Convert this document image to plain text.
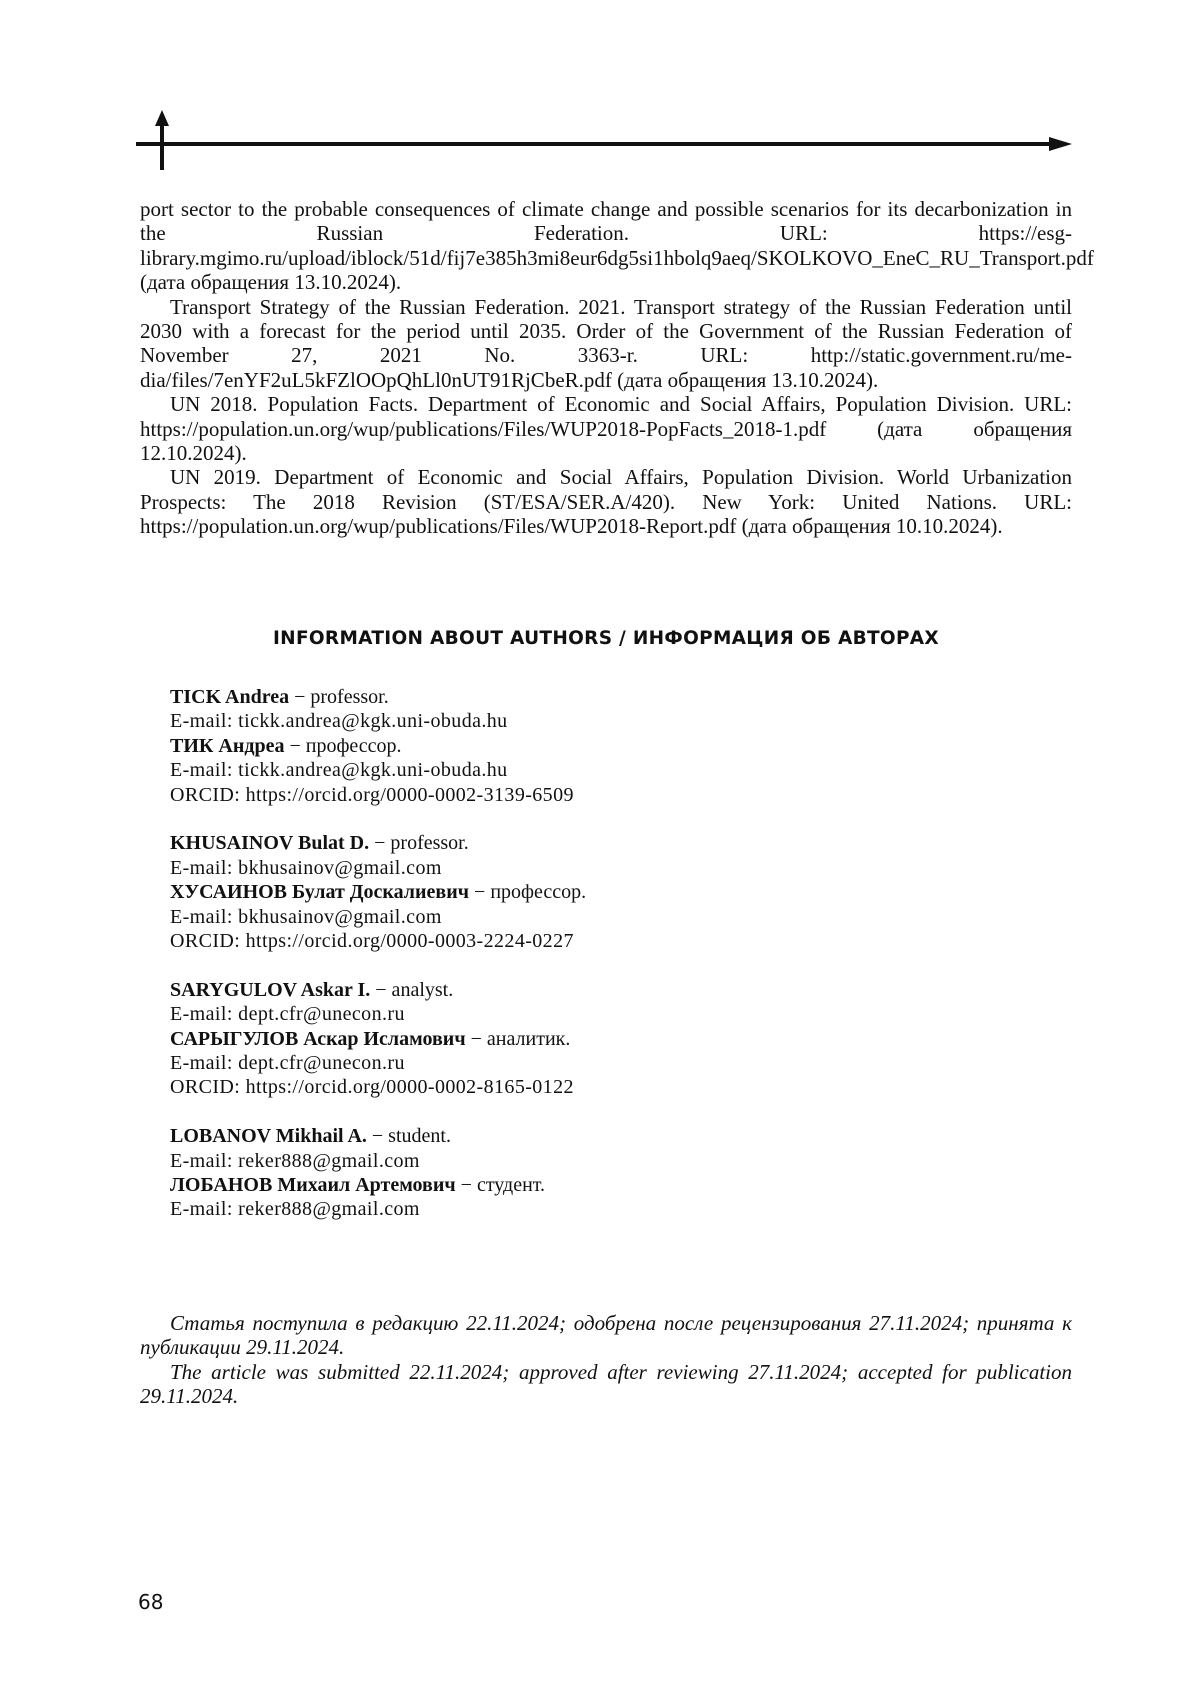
port sector to the probable consequences of climate change and possible scenarios for its decarbonization in the Russian Federation. URL: https://esg-library.mgimo.ru/upload/iblock/51d/fij7e385h3mi8eur6dg5si1hbolq9aeq/SKOLKOVO_EneC_RU_Transport.pdf (дата обращения 13.10.2024).

Transport Strategy of the Russian Federation. 2021. Transport strategy of the Russian Federation until 2030 with a forecast for the period until 2035. Order of the Government of the Russian Federation of November 27, 2021 No. 3363-r. URL: http://static.government.ru/media/files/7enYF2uL5kFZlOOpQhLl0nUT91RjCbeR.pdf (дата обращения 13.10.2024).

UN 2018. Population Facts. Department of Economic and Social Affairs, Population Division. URL: https://population.un.org/wup/publications/Files/WUP2018-PopFacts_2018-1.pdf (дата обращения 12.10.2024).

UN 2019. Department of Economic and Social Affairs, Population Division. World Urbanization Prospects: The 2018 Revision (ST/ESA/SER.A/420). New York: United Nations. URL: https://population.un.org/wup/publications/Files/WUP2018-Report.pdf (дата обращения 10.10.2024).

INFORMATION ABOUT AUTHORS / ИНФОРМАЦИЯ ОБ АВТОРАХ
TICK Andrea − professor.
E-mail: tickk.andrea@kgk.uni-obuda.hu
ТИК Андреа − профессор.
E-mail: tickk.andrea@kgk.uni-obuda.hu
ORCID: https://orcid.org/0000-0002-3139-6509
KHUSAINOV Bulat D. − professor.
E-mail: bkhusainov@gmail.com
ХУСАИНОВ Булат Доскалиевич − профессор.
E-mail: bkhusainov@gmail.com
ORCID: https://orcid.org/0000-0003-2224-0227
SARYGULOV Askar I. − analyst.
E-mail: dept.cfr@unecon.ru
САРЫГУЛОВ Аскар Исламович − аналитик.
E-mail: dept.cfr@unecon.ru
ORCID: https://orcid.org/0000-0002-8165-0122
LOBANOV Mikhail A. − student.
E-mail: reker888@gmail.com
ЛОБАНОВ Михаил Артемович − студент.
E-mail: reker888@gmail.com

Статья поступила в редакцию 22.11.2024; одобрена после рецензирования 27.11.2024; принята к публикации 29.11.2024.

The article was submitted 22.11.2024; approved after reviewing 27.11.2024; accepted for publication 29.11.2024.

68
